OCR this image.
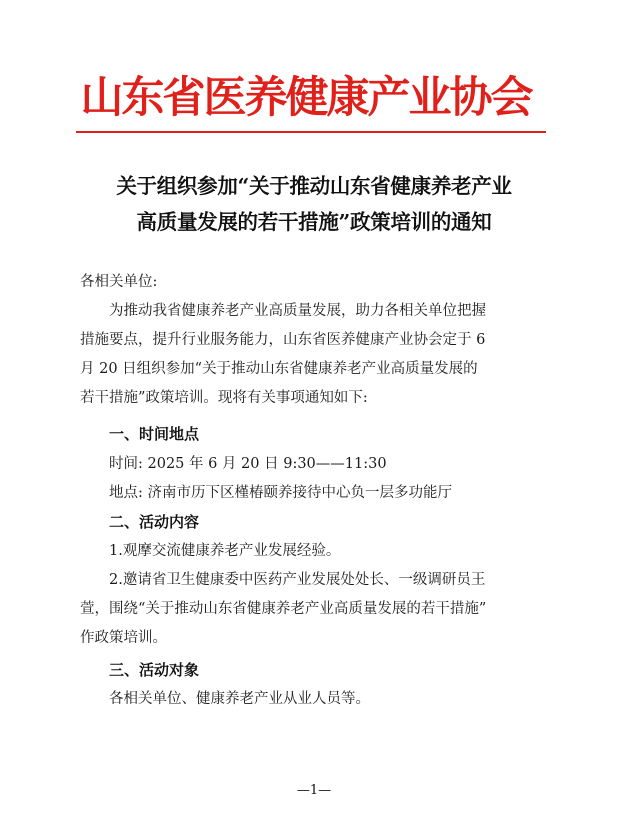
山东省医养健康产业协会
关于组织参加“关于推动山东省健康养老产业
高质量发展的若干措施”政策培训的通知
各相关单位:
为推动我省健康养老产业高质量发展，助力各相关单位把握
措施要点，提升行业服务能力，山东省医养健康产业协会定于 6
月 20 日组织参加“关于推动山东省健康养老产业高质量发展的
若干措施”政策培训。现将有关事项通知如下:
一、时间地点
时间: 2025 年 6 月 20 日 9:30——11:30
地点: 济南市历下区槿椿颐养接待中心负一层多功能厅
二、活动内容
1.观摩交流健康养老产业发展经验。
2.邀请省卫生健康委中医药产业发展处处长、一级调研员王
萱，围绕“关于推动山东省健康养老产业高质量发展的若干措施”
作政策培训。
三、活动对象
各相关单位、健康养老产业从业人员等。
—1—
